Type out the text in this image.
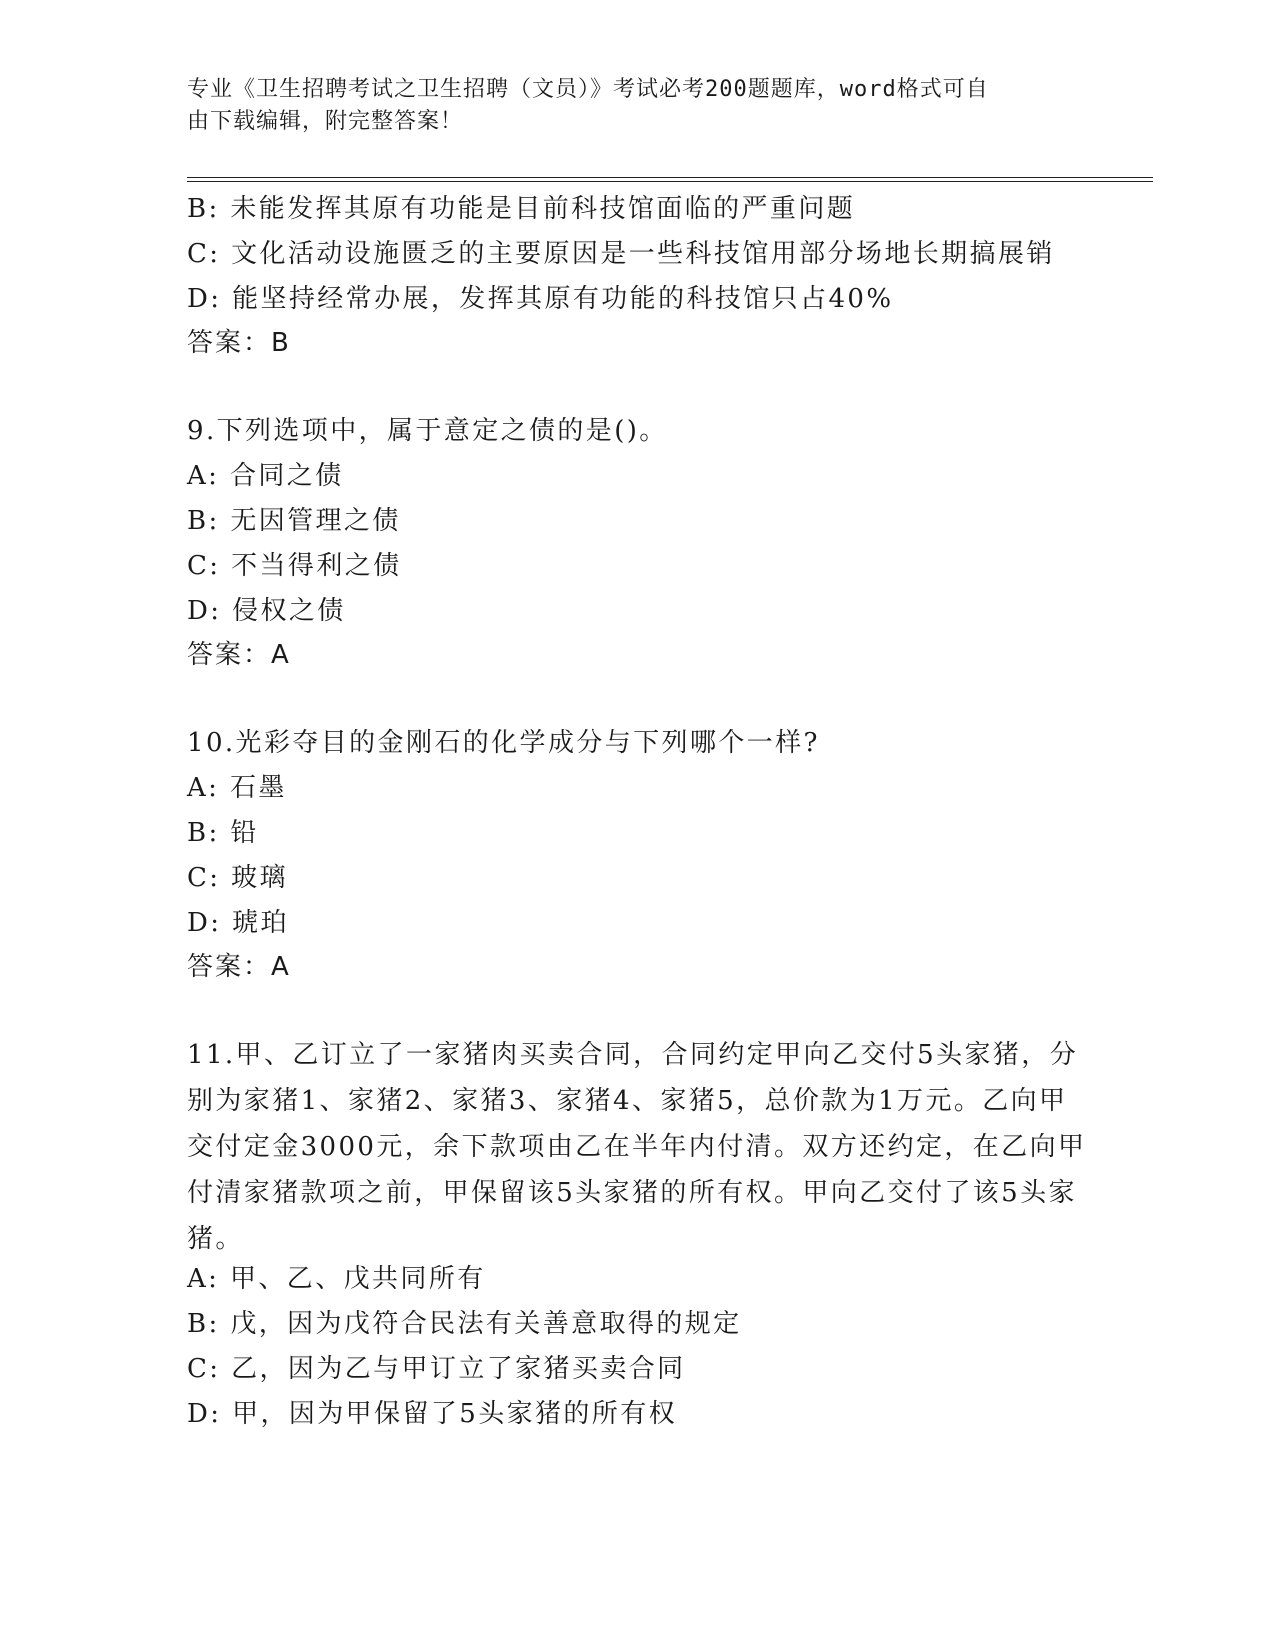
专业《卫生招聘考试之卫生招聘（文员）》考试必考200题题库，word格式可自
由下载编辑，附完整答案！
B: 未能发挥其原有功能是目前科技馆面临的严重问题
C: 文化活动设施匮乏的主要原因是一些科技馆用部分场地长期搞展销
D: 能坚持经常办展，发挥其原有功能的科技馆只占40%
答案：B
9.下列选项中，属于意定之债的是()。
A: 合同之债
B: 无因管理之债
C: 不当得利之债
D: 侵权之债
答案：A
10.光彩夺目的金刚石的化学成分与下列哪个一样?
A: 石墨
B: 铅
C: 玻璃
D: 琥珀
答案：A
11.甲、乙订立了一家猪肉买卖合同，合同约定甲向乙交付5头家猪，分别为家猪1、家猪2、家猪3、家猪4、家猪5，总价款为1万元。乙向甲交付定金3000元，余下款项由乙在半年内付清。双方还约定，在乙向甲付清家猪款项之前，甲保留该5头家猪的所有权。甲向乙交付了该5头家猪。
A: 甲、乙、戊共同所有
B: 戊，因为戊符合民法有关善意取得的规定
C: 乙，因为乙与甲订立了家猪买卖合同
D: 甲，因为甲保留了5头家猪的所有权
